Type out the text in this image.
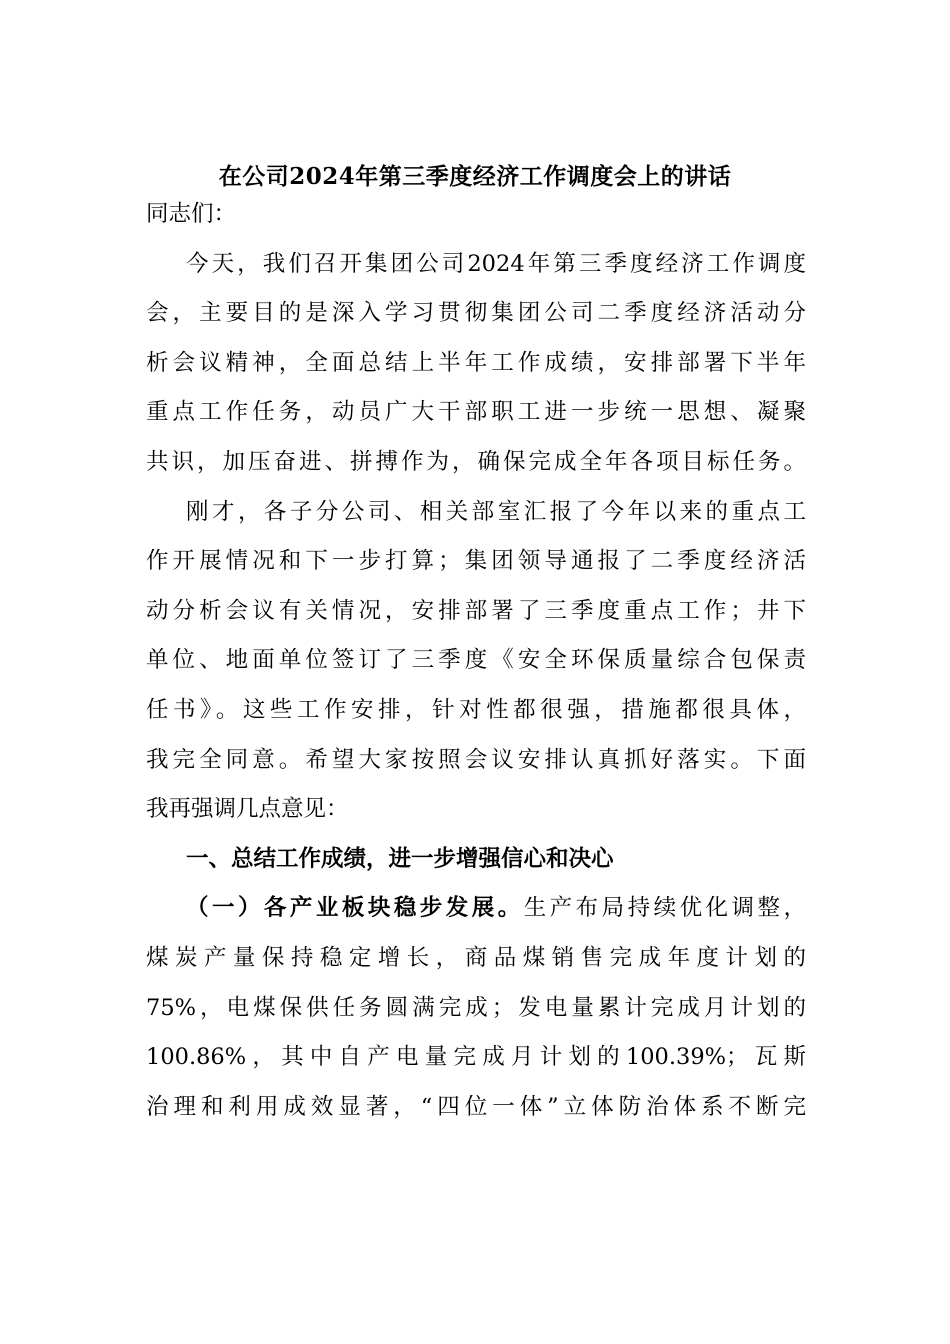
在公司2024年第三季度经济工作调度会上的讲话
同志们：
今天，我们召开集团公司2024年第三季度经济工作调度
会，主要目的是深入学习贯彻集团公司二季度经济活动分
析会议精神，全面总结上半年工作成绩，安排部署下半年
重点工作任务，动员广大干部职工进一步统一思想、凝聚
共识，加压奋进、拼搏作为，确保完成全年各项目标任务。
刚才，各子分公司、相关部室汇报了今年以来的重点工
作开展情况和下一步打算；集团领导通报了二季度经济活
动分析会议有关情况，安排部署了三季度重点工作；井下
单位、地面单位签订了三季度《安全环保质量综合包保责
任书》。这些工作安排，针对性都很强，措施都很具体，
我完全同意。希望大家按照会议安排认真抓好落实。下面
我再强调几点意见：
一、总结工作成绩，进一步增强信心和决心
（一）各产业板块稳步发展。生产布局持续优化调整，
煤炭产量保持稳定增长，商品煤销售完成年度计划的
75%，电煤保供任务圆满完成；发电量累计完成月计划的
100.86%，其中自产电量完成月计划的100.39%；瓦斯
治理和利用成效显著，“四位一体”立体防治体系不断完
